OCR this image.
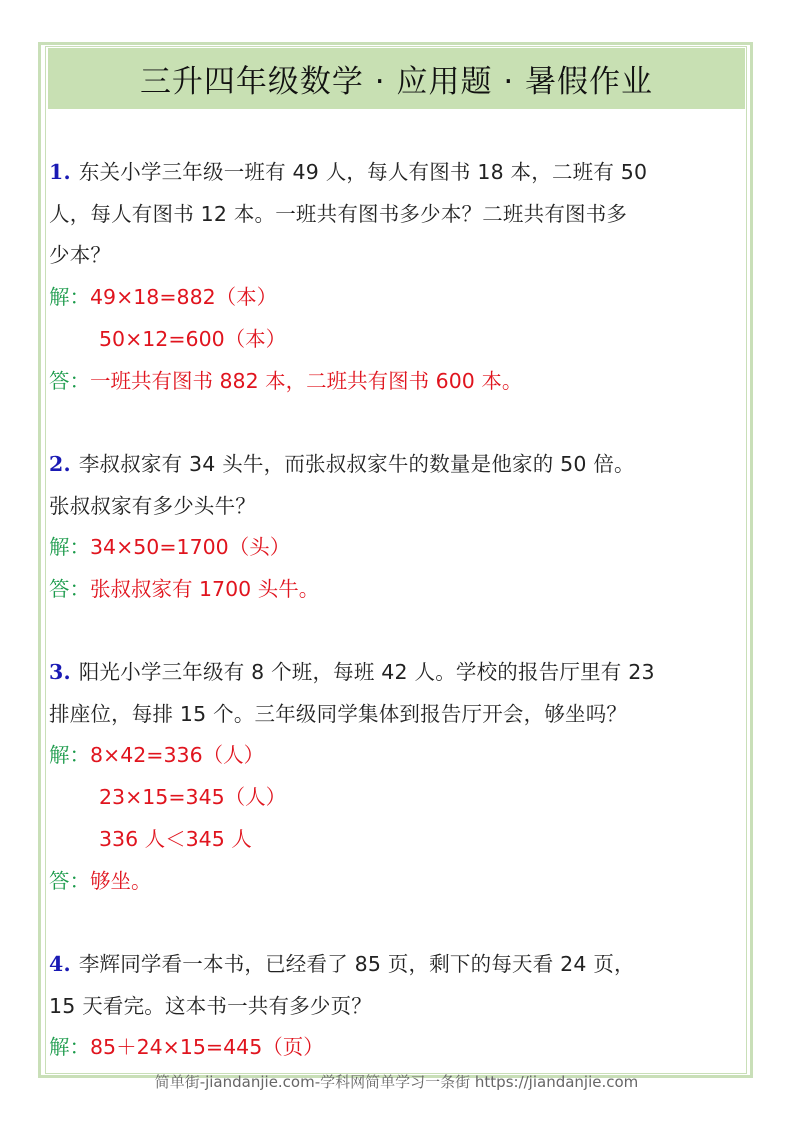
三升四年级数学 · 应用题 · 暑假作业
1. 东关小学三年级一班有 49 人，每人有图书 18 本，二班有 50
人，每人有图书 12 本。一班共有图书多少本？二班共有图书多
少本？
解：49×18=882（本）
50×12=600（本）
答：一班共有图书 882 本，二班共有图书 600 本。
2. 李叔叔家有 34 头牛，而张叔叔家牛的数量是他家的 50 倍。
张叔叔家有多少头牛？
解：34×50=1700（头）
答：张叔叔家有 1700 头牛。
3. 阳光小学三年级有 8 个班，每班 42 人。学校的报告厅里有 23
排座位，每排 15 个。三年级同学集体到报告厅开会，够坐吗？
解：8×42=336（人）
23×15=345（人）
336 人＜345 人
答：够坐。
4. 李辉同学看一本书，已经看了 85 页，剩下的每天看 24 页，
15 天看完。这本书一共有多少页？
解：85＋24×15=445（页）
简单街-jiandanjie.com-学科网简单学习一条街 https://jiandanjie.com
